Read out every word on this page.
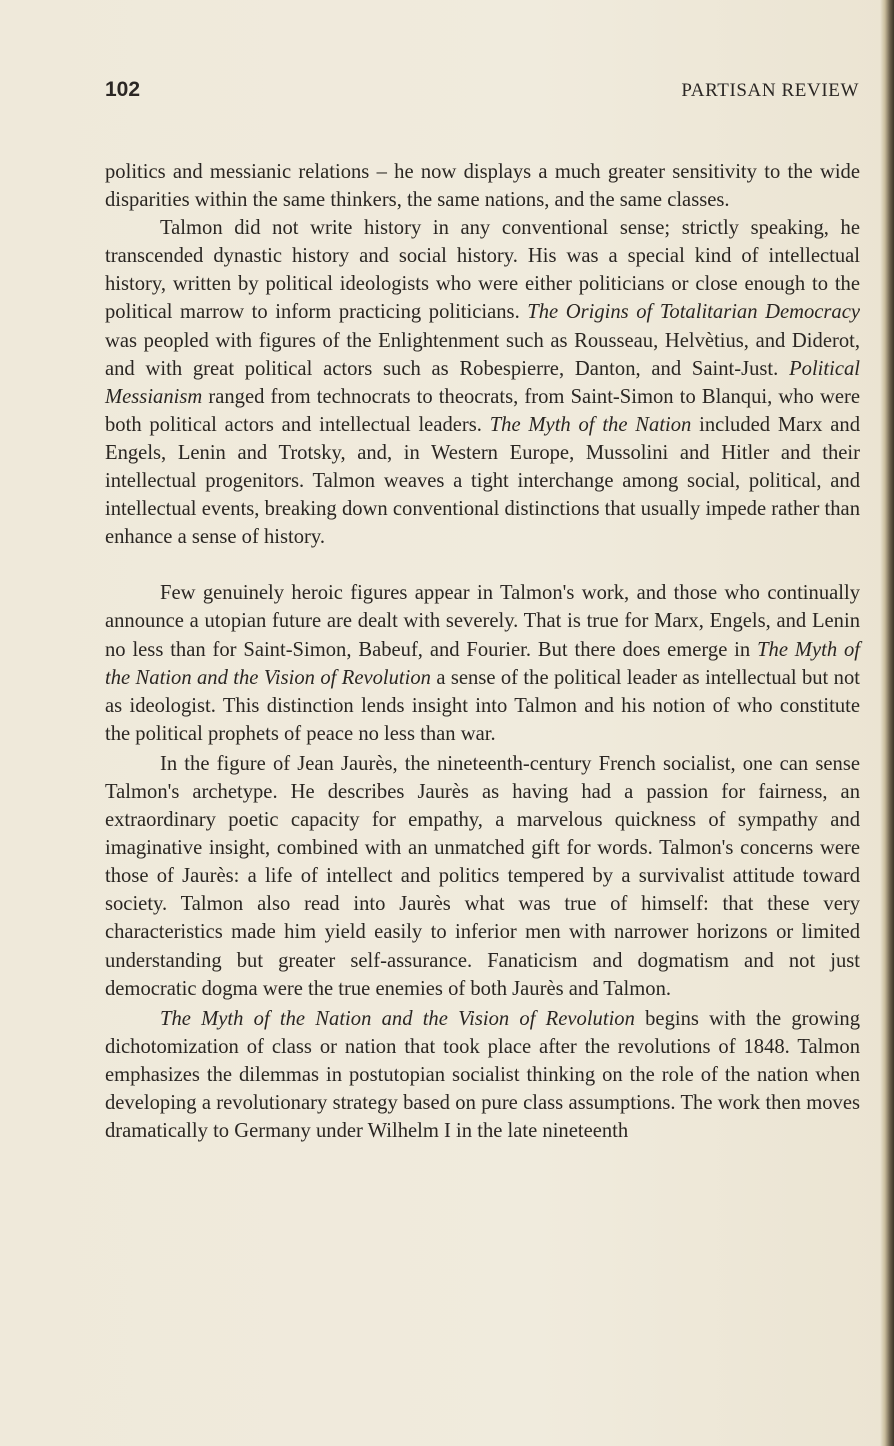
102	PARTISAN REVIEW

politics and messianic relations – he now displays a much greater sensitivity to the wide disparities within the same thinkers, the same nations, and the same classes.

Talmon did not write history in any conventional sense; strictly speaking, he transcended dynastic history and social history. His was a special kind of intellectual history, written by political ideologists who were either politicians or close enough to the political marrow to inform practicing politicians. The Origins of Totalitarian Democracy was peopled with figures of the Enlightenment such as Rousseau, Helvètius, and Diderot, and with great political actors such as Robespierre, Danton, and Saint-Just. Political Messianism ranged from technocrats to theocrats, from Saint-Simon to Blanqui, who were both political actors and intellectual leaders. The Myth of the Nation included Marx and Engels, Lenin and Trotsky, and, in Western Europe, Mussolini and Hitler and their intellectual progenitors. Talmon weaves a tight interchange among social, political, and intellectual events, breaking down conventional distinctions that usually impede rather than enhance a sense of history.

Few genuinely heroic figures appear in Talmon's work, and those who continually announce a utopian future are dealt with severely. That is true for Marx, Engels, and Lenin no less than for Saint-Simon, Babeuf, and Fourier. But there does emerge in The Myth of the Nation and the Vision of Revolution a sense of the political leader as intellectual but not as ideologist. This distinction lends insight into Talmon and his notion of who constitute the political prophets of peace no less than war.

In the figure of Jean Jaurès, the nineteenth-century French socialist, one can sense Talmon's archetype. He describes Jaurès as having had a passion for fairness, an extraordinary poetic capacity for empathy, a marvelous quickness of sympathy and imaginative insight, combined with an unmatched gift for words. Talmon's concerns were those of Jaurès: a life of intellect and politics tempered by a survivalist attitude toward society. Talmon also read into Jaurès what was true of himself: that these very characteristics made him yield easily to inferior men with narrower horizons or limited understanding but greater self-assurance. Fanaticism and dogmatism and not just democratic dogma were the true enemies of both Jaurès and Talmon.

The Myth of the Nation and the Vision of Revolution begins with the growing dichotomization of class or nation that took place after the revolutions of 1848. Talmon emphasizes the dilemmas in postutopian socialist thinking on the role of the nation when developing a revolutionary strategy based on pure class assumptions. The work then moves dramatically to Germany under Wilhelm I in the late nineteenth
